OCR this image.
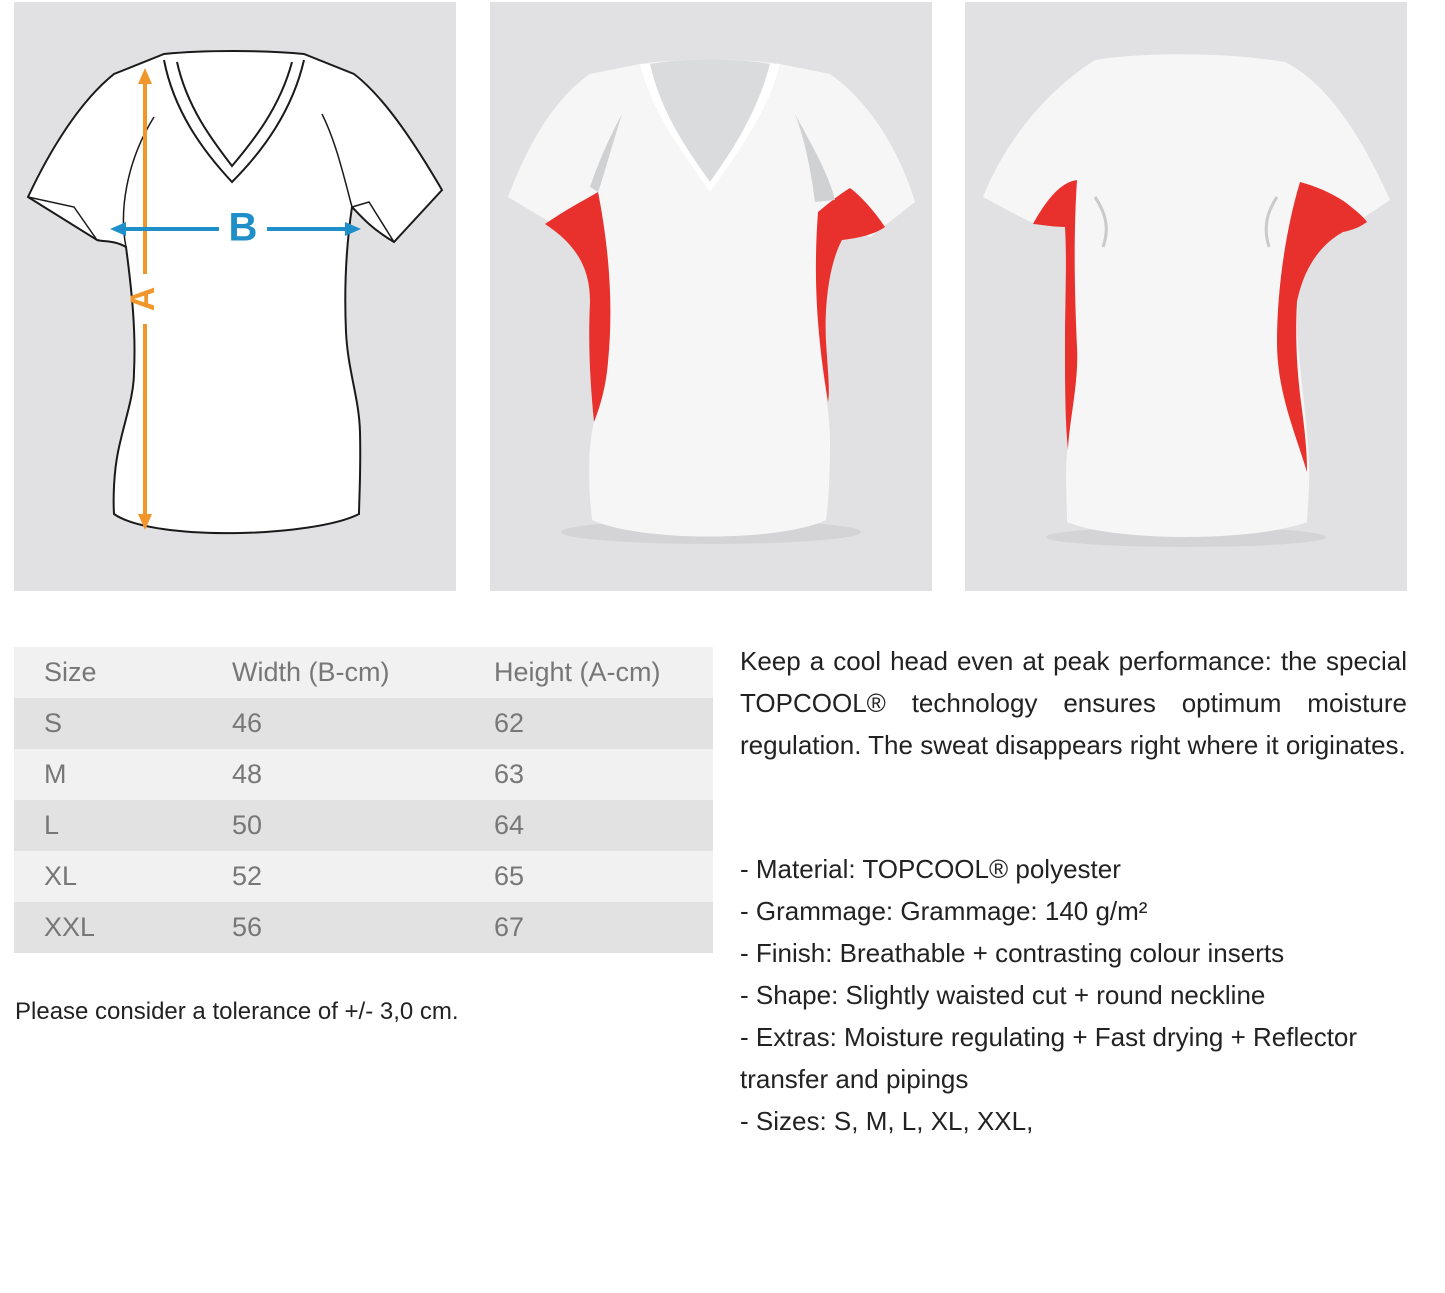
A
B
Size	Width (B-cm)	Height (A-cm)
S	46	62
M	48	63
L	50	64
XL	52	65
XXL	56	67
Please consider a tolerance of +/- 3,0 cm.

Keep a cool head even at peak performance: the special TOPCOOL® technology ensures optimum moisture regulation. The sweat disappears right where it originates.

- Material: TOPCOOL® polyester
- Grammage: Grammage: 140 g/m²
- Finish: Breathable + contrasting colour inserts
- Shape: Slightly waisted cut + round neckline
- Extras: Moisture regulating + Fast drying + Reflector transfer and pipings
- Sizes: S, M, L, XL, XXL,
